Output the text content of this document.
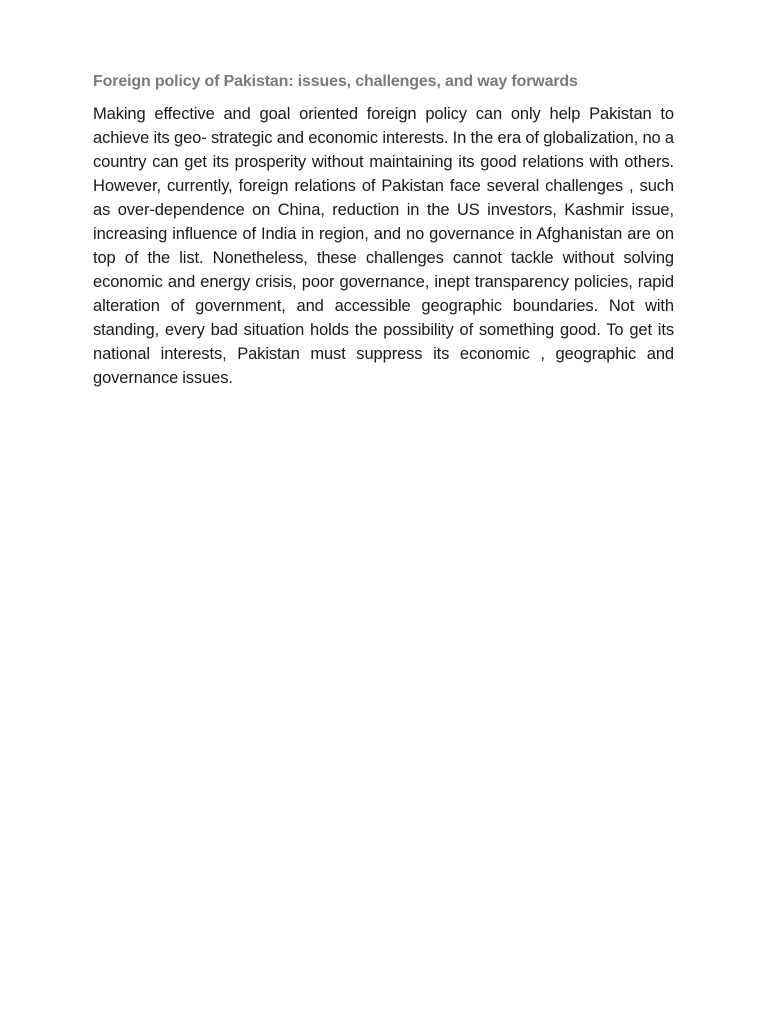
Foreign policy of Pakistan: issues, challenges, and way forwards

Making effective and goal oriented foreign policy can only help Pakistan to achieve its geo- strategic and economic interests. In the era of globalization, no a country can get its prosperity without maintaining its good relations with others. However, currently, foreign relations of Pakistan face several challenges , such as over-dependence on China, reduction in the US investors, Kashmir issue, increasing influence of India in region, and no governance in Afghanistan are on top of the list. Nonetheless, these challenges cannot tackle without solving economic and energy crisis, poor governance, inept transparency policies, rapid alteration of government, and accessible geographic boundaries. Not with standing, every bad situation holds the possibility of something good. To get its national interests, Pakistan must suppress its economic , geographic and governance issues.
